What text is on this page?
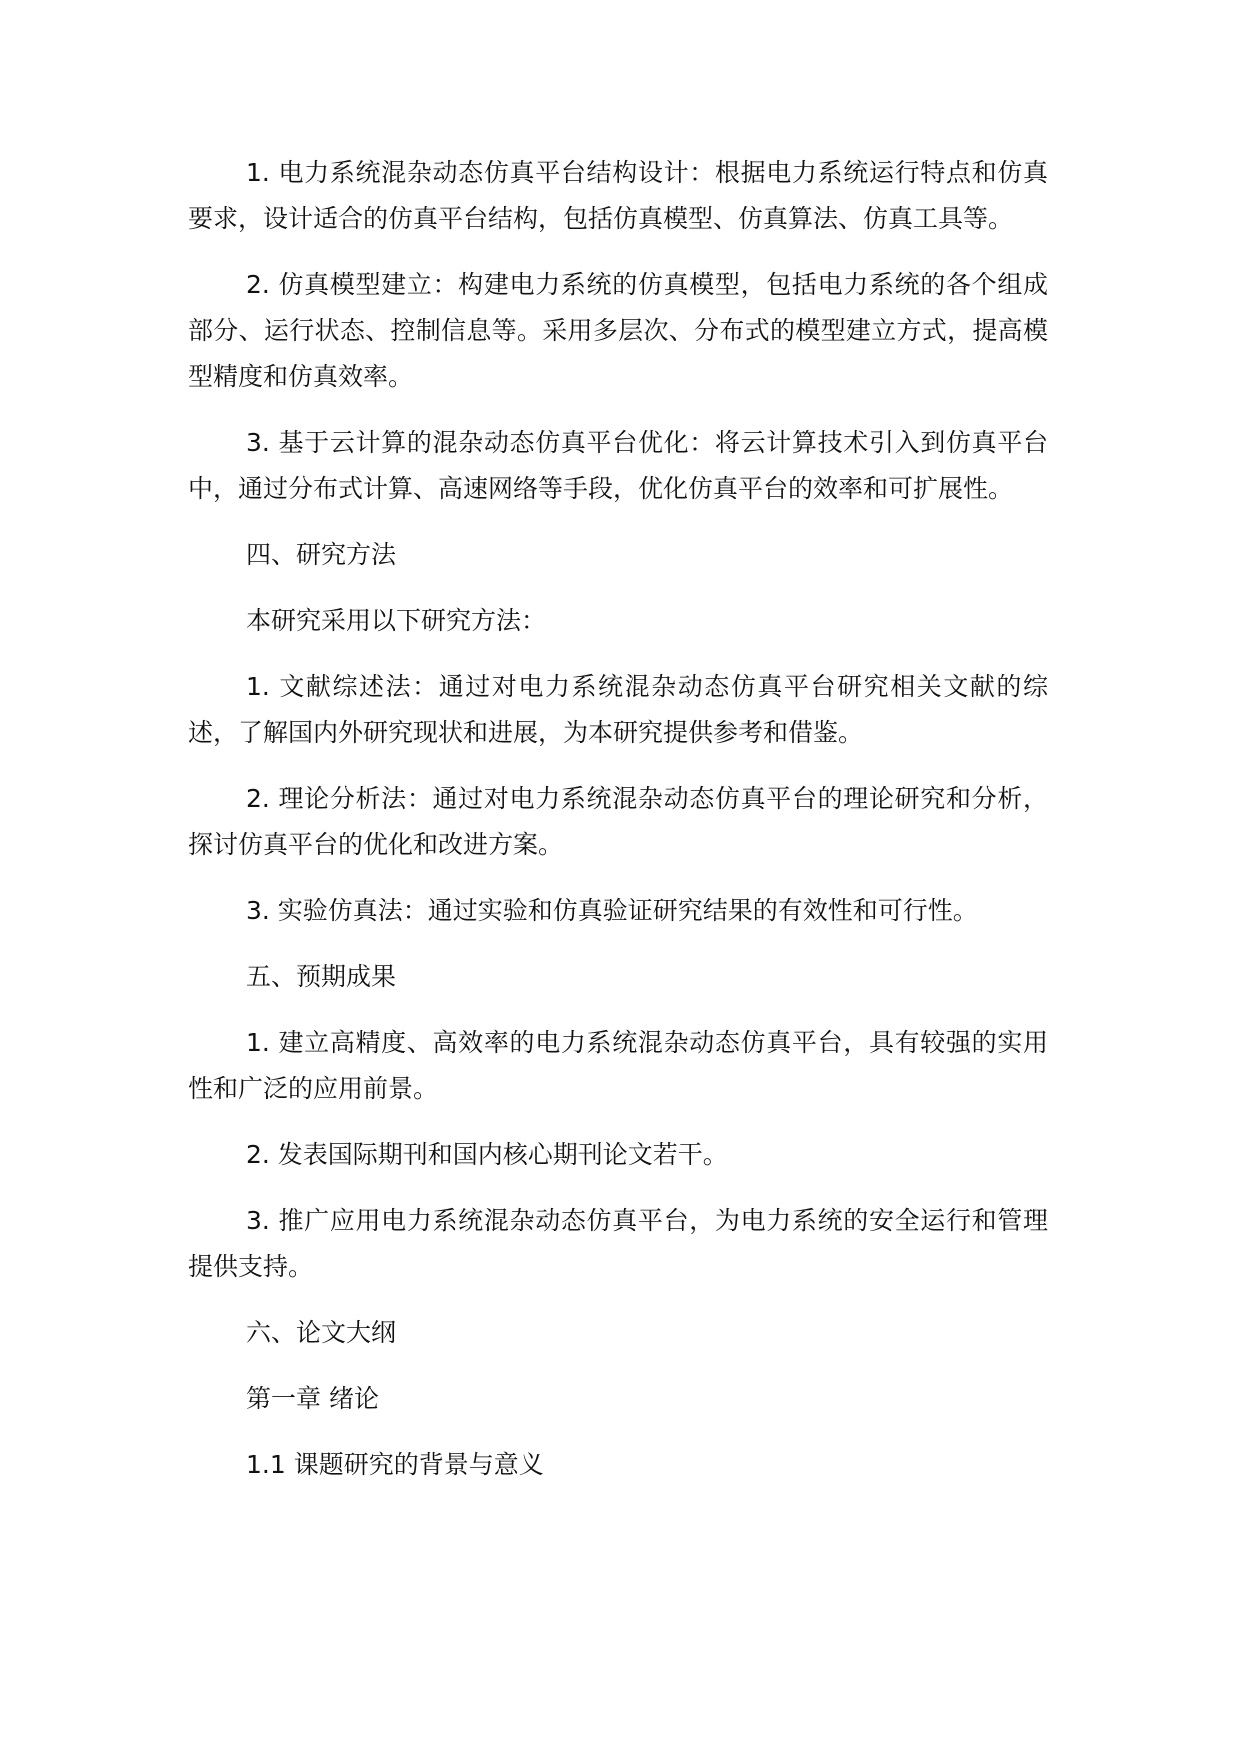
1. 电力系统混杂动态仿真平台结构设计：根据电力系统运行特点和仿真要求，设计适合的仿真平台结构，包括仿真模型、仿真算法、仿真工具等。

2. 仿真模型建立：构建电力系统的仿真模型，包括电力系统的各个组成部分、运行状态、控制信息等。采用多层次、分布式的模型建立方式，提高模型精度和仿真效率。

3. 基于云计算的混杂动态仿真平台优化：将云计算技术引入到仿真平台中，通过分布式计算、高速网络等手段，优化仿真平台的效率和可扩展性。

四、研究方法

本研究采用以下研究方法：

1. 文献综述法：通过对电力系统混杂动态仿真平台研究相关文献的综述，了解国内外研究现状和进展，为本研究提供参考和借鉴。

2. 理论分析法：通过对电力系统混杂动态仿真平台的理论研究和分析，探讨仿真平台的优化和改进方案。

3. 实验仿真法：通过实验和仿真验证研究结果的有效性和可行性。

五、预期成果

1. 建立高精度、高效率的电力系统混杂动态仿真平台，具有较强的实用性和广泛的应用前景。

2. 发表国际期刊和国内核心期刊论文若干。

3. 推广应用电力系统混杂动态仿真平台，为电力系统的安全运行和管理提供支持。

六、论文大纲

第一章 绪论

1.1 课题研究的背景与意义
